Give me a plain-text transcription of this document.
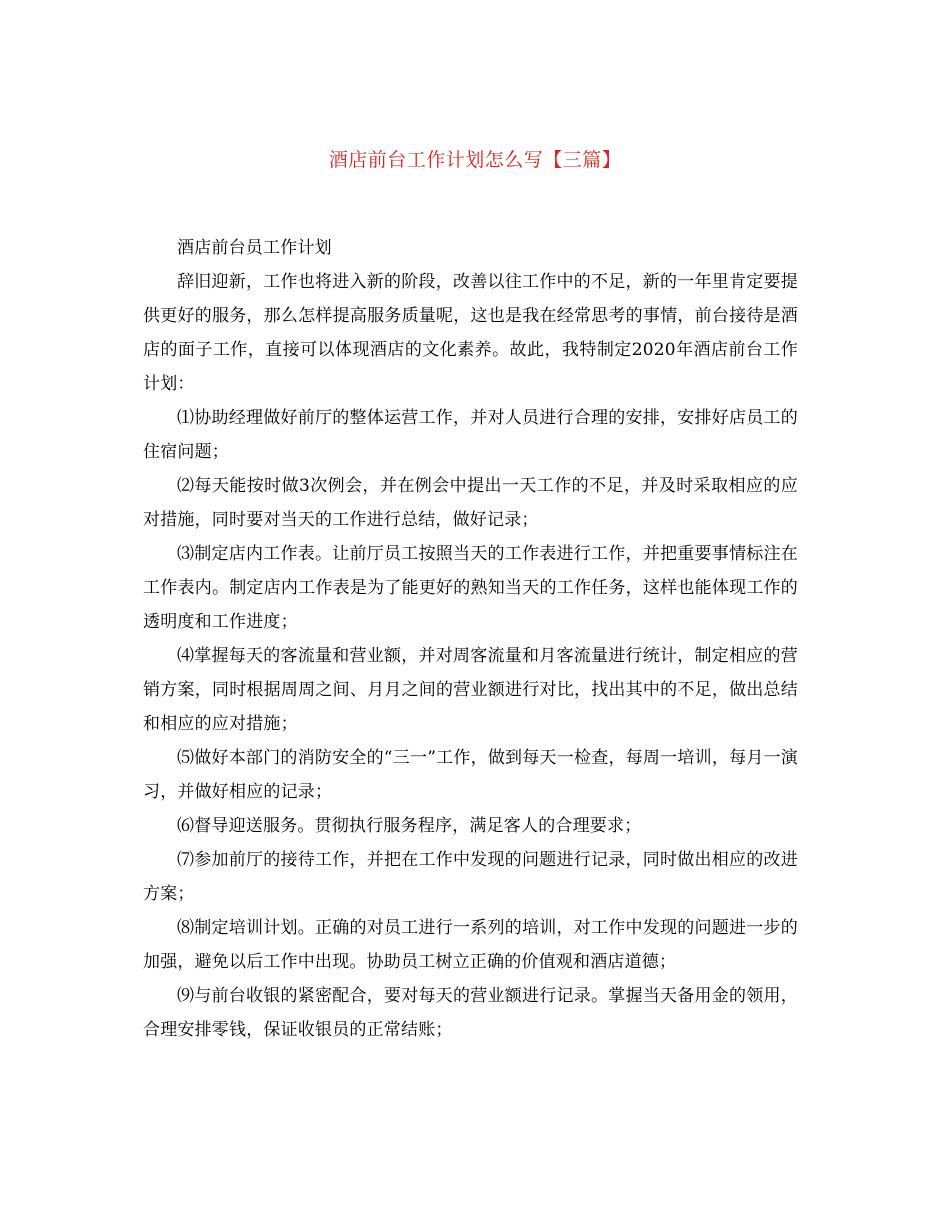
酒店前台工作计划怎么写【三篇】

酒店前台员工作计划

辞旧迎新，工作也将进入新的阶段，改善以往工作中的不足，新的一年里肯定要提供更好的服务，那么怎样提高服务质量呢，这也是我在经常思考的事情，前台接待是酒店的面子工作，直接可以体现酒店的文化素养。故此，我特制定2020年酒店前台工作计划：

⑴协助经理做好前厅的整体运营工作，并对人员进行合理的安排，安排好店员工的住宿问题；

⑵每天能按时做3次例会，并在例会中提出一天工作的不足，并及时采取相应的应对措施，同时要对当天的工作进行总结，做好记录；

⑶制定店内工作表。让前厅员工按照当天的工作表进行工作，并把重要事情标注在工作表内。制定店内工作表是为了能更好的熟知当天的工作任务，这样也能体现工作的透明度和工作进度；

⑷掌握每天的客流量和营业额，并对周客流量和月客流量进行统计，制定相应的营销方案，同时根据周周之间、月月之间的营业额进行对比，找出其中的不足，做出总结和相应的应对措施；

⑸做好本部门的消防安全的“三一”工作，做到每天一检查，每周一培训，每月一演习，并做好相应的记录；

⑹督导迎送服务。贯彻执行服务程序，满足客人的合理要求；

⑺参加前厅的接待工作，并把在工作中发现的问题进行记录，同时做出相应的改进方案；

⑻制定培训计划。正确的对员工进行一系列的培训，对工作中发现的问题进一步的加强，避免以后工作中出现。协助员工树立正确的价值观和酒店道德；

⑼与前台收银的紧密配合，要对每天的营业额进行记录。掌握当天备用金的领用，合理安排零钱，保证收银员的正常结账；
